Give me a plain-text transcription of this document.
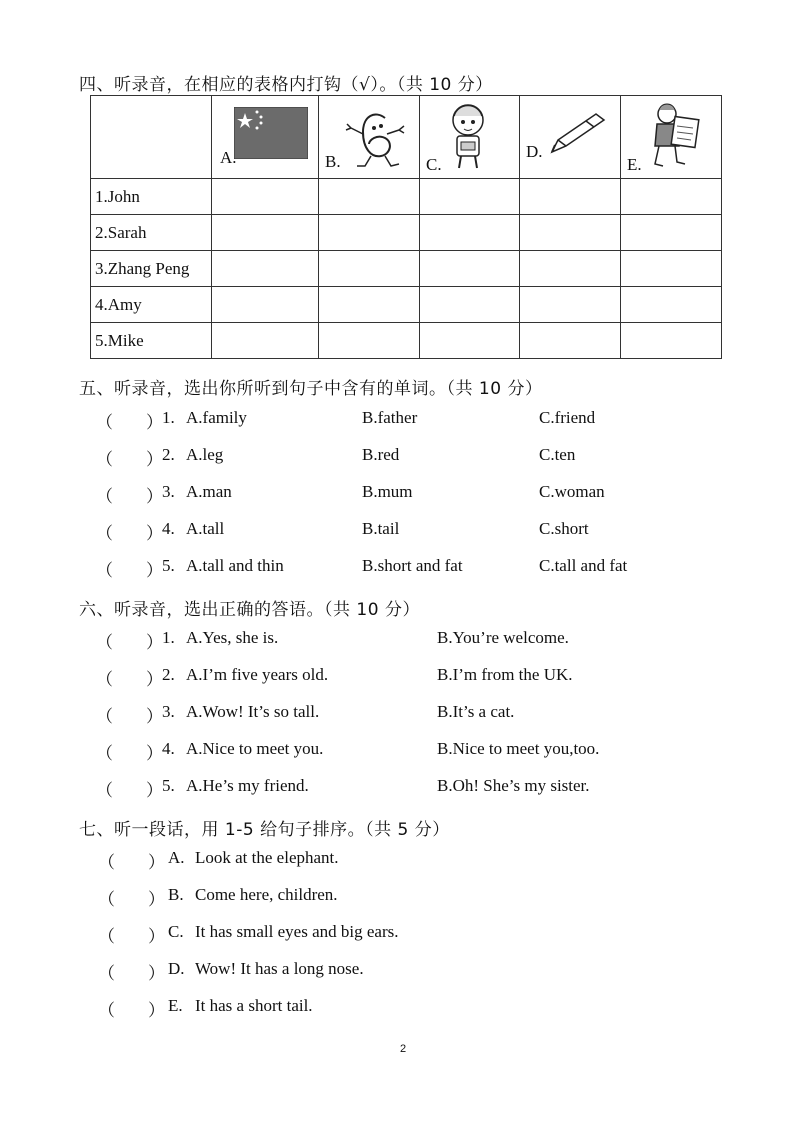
四、听录音，在相应的表格内打钩（√）。（共 10 分）

	A.	B.	C.	D.	E.

1.John					
2.Sarah					
3.Zhang Peng					
4.Amy					
5.Mike					
五、听录音，选出你所听到句子中含有的单词。（共 10 分）
（ ） 1. A.family	B.father	C.friend
（ ） 2. A.leg	B.red	C.ten
（ ） 3. A.man	B.mum	C.woman
（ ） 4. A.tall	B.tail	C.short
（ ） 5. A.tall and thin	B.short and fat	C.tall and fat
六、听录音，选出正确的答语。（共 10 分）
（ ） 1. A.Yes, she is.	B.You’re welcome.
（ ） 2. A.I’m five years old.	B.I’m from the UK.
（ ） 3. A.Wow! It’s so tall.	B.It’s a cat.
（ ） 4. A.Nice to meet you.	B.Nice to meet you,too.
（ ） 5. A.He’s my friend.	B.Oh! She’s my sister.
七、听一段话，用 1-5 给句子排序。（共 5 分）
（ ） A. Look at the elephant.
（ ） B. Come here, children.
（ ） C. It has small eyes and big ears.
（ ） D. Wow! It has a long nose.
（ ） E. It has a short tail.
2
